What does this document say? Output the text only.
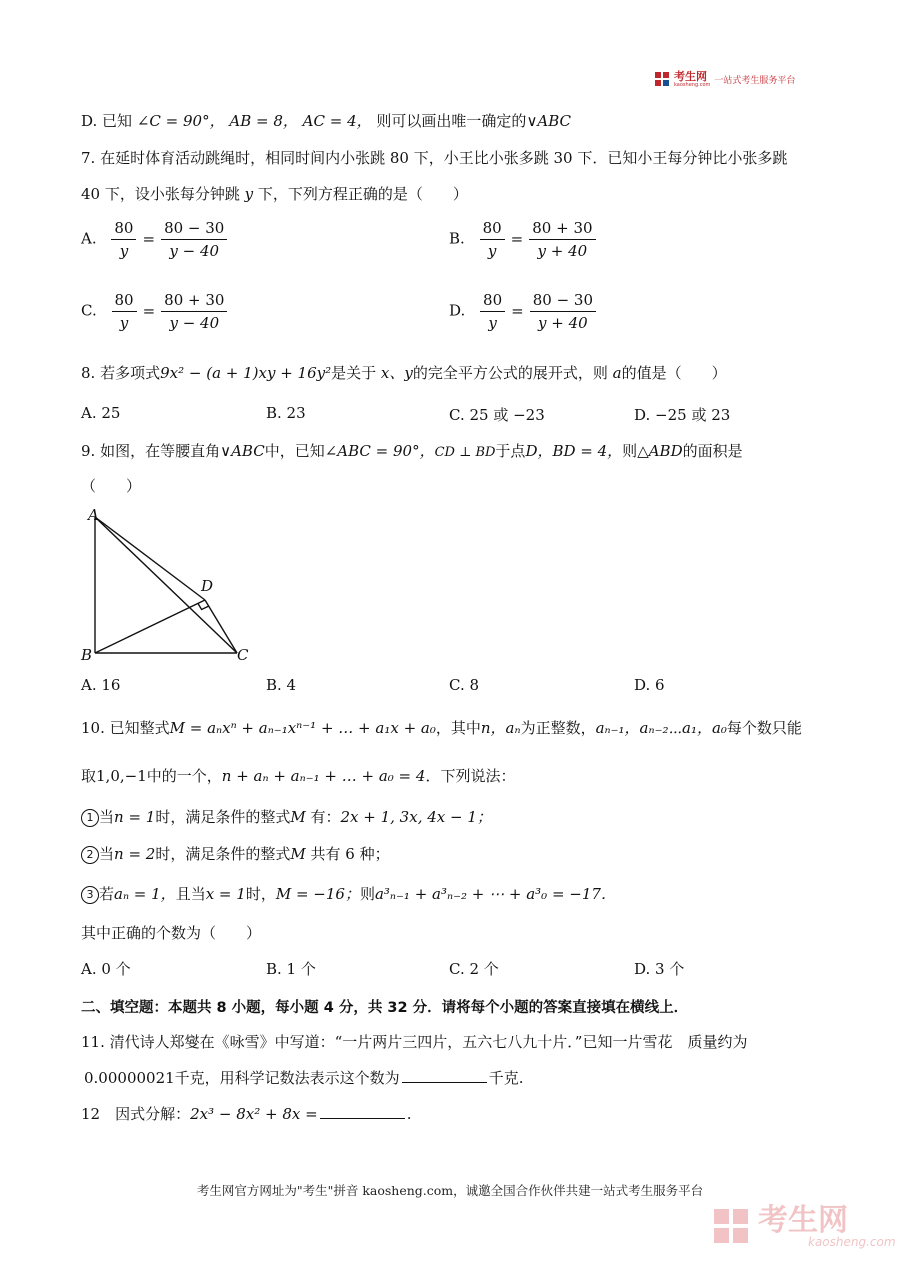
考生网
kaosheng.com 一站式考生服务平台
D. 已知 ∠C = 90°， AB = 8， AC = 4， 则可以画出唯一确定的∨ABC
7. 在延时体育活动跳绳时，相同时间内小张跳 80 下，小王比小张多跳 30 下．已知小王每分钟比小张多跳
40 下，设小张每分钟跳 y 下，下列方程正确的是（　　）
A. $\frac{80}{y} = \frac{80 - 30}{y - 40}$	B. $\frac{80}{y} = \frac{80 + 30}{y + 40}$
C. $\frac{80}{y} = \frac{80 + 30}{y - 40}$	D. $\frac{80}{y} = \frac{80 - 30}{y + 40}$
8. 若多项式9x² − (a + 1)xy + 16y²是关于 x、y的完全平方公式的展开式，则 a的值是（　　）
A. 25	B. 23	C. 25 或 −23	D. −25 或 23
9. 如图，在等腰直角∨ABC中，已知∠ABC = 90°，CD ⊥ BD于点D，BD = 4，则△ABD的面积是
（　　）
A
D
B	C
A. 16	B. 4	C. 8	D. 6
10. 已知整式M = aₙxⁿ + aₙ₋₁xⁿ⁻¹ + … + a₁x + a₀，其中n，aₙ为正整数，aₙ₋₁，aₙ₋₂⋯a₁，a₀每个数只能
取1,0,−1中的一个，n + aₙ + aₙ₋₁ + … + a₀ = 4．下列说法：
1 当n = 1时，满足条件的整式M 有：2x + 1, 3x, 4x − 1；
2 当n = 2时，满足条件的整式M 共有 6 种；
3 若aₙ = 1，且当x = 1时，M = −16；则a³ₙ₋₁ + a³ₙ₋₂ + ⋯ + a³₀ = −17．
其中正确的个数为（　　）
A. 0 个	B. 1 个	C. 2 个	D. 3 个
二、填空题：本题共 8 小题，每小题 4 分，共 32 分．请将每个小题的答案直接填在横线上．
11. 清代诗人郑燮在《咏雪》中写道：“一片两片三四片，五六七八九十片．”已知一片雪花　质量约为
0.00000021千克，用科学记数法表示这个数为	千克.
12　因式分解：2x³ − 8x² + 8x =	.
考生网官方网址为"考生"拼音 kaosheng.com，诚邀全国合作伙伴共建一站式考生服务平台
考生网
kaosheng.com
